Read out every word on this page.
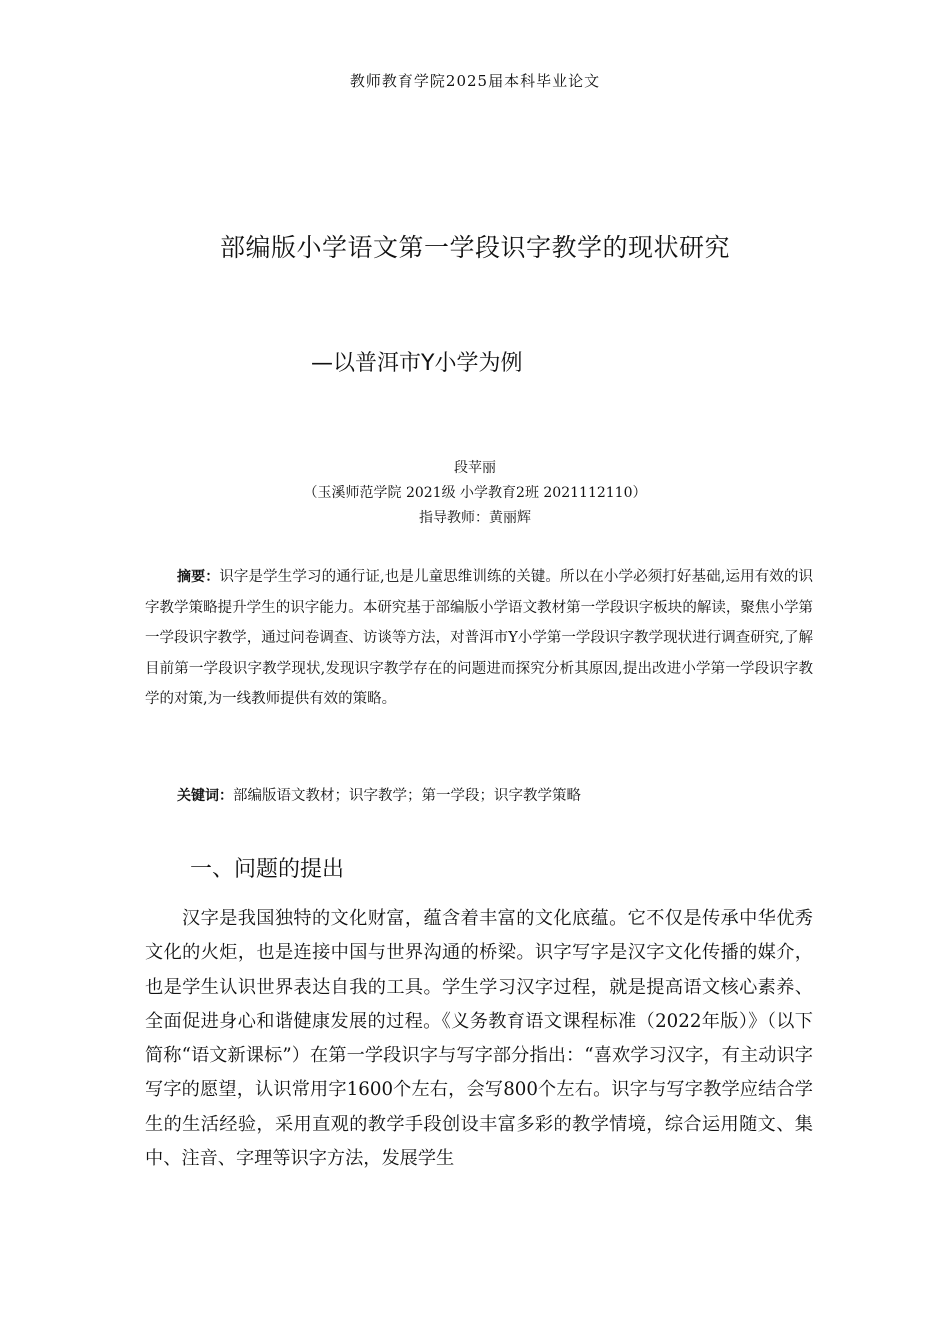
教师教育学院2025届本科毕业论文
部编版小学语文第一学段识字教学的现状研究
—以普洱市Y小学为例
段苹丽
（玉溪师范学院 2021级 小学教育2班 2021112110）
指导教师：黄丽辉
摘要：识字是学生学习的通行证,也是儿童思维训练的关键。所以在小学必须打好基础,运用有效的识字教学策略提升学生的识字能力。本研究基于部编版小学语文教材第一学段识字板块的解读，聚焦小学第一学段识字教学，通过问卷调查、访谈等方法，对普洱市Y小学第一学段识字教学现状进行调查研究,了解目前第一学段识字教学现状,发现识字教学存在的问题进而探究分析其原因,提出改进小学第一学段识字教学的对策,为一线教师提供有效的策略。
关键词：部编版语文教材；识字教学；第一学段；识字教学策略
一、问题的提出
汉字是我国独特的文化财富，蕴含着丰富的文化底蕴。它不仅是传承中华优秀文化的火炬，也是连接中国与世界沟通的桥梁。识字写字是汉字文化传播的媒介，也是学生认识世界表达自我的工具。学生学习汉字过程，就是提高语文核心素养、全面促进身心和谐健康发展的过程。《义务教育语文课程标准（2022年版）》（以下简称“语文新课标”）在第一学段识字与写字部分指出：“喜欢学习汉字，有主动识字写字的愿望，认识常用字1600个左右，会写800个左右。识字与写字教学应结合学生的生活经验，采用直观的教学手段创设丰富多彩的教学情境，综合运用随文、集中、注音、字理等识字方法，发展学生
